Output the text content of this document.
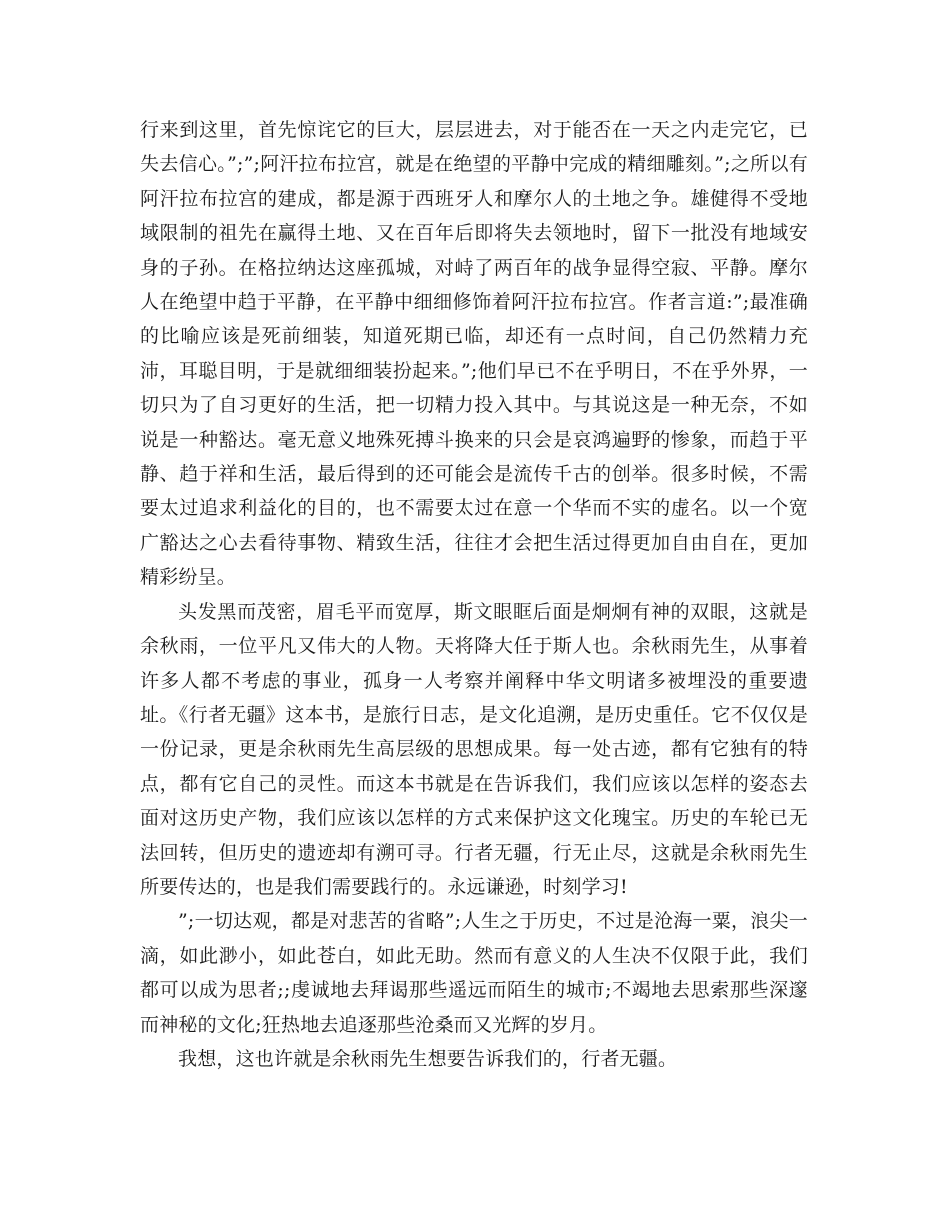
行来到这里，首先惊诧它的巨大，层层进去，对于能否在一天之内走完它，已失去信心。”;”;阿汗拉布拉宫，就是在绝望的平静中完成的精细雕刻。”;之所以有阿汗拉布拉宫的建成，都是源于西班牙人和摩尔人的土地之争。雄健得不受地域限制的祖先在赢得土地、又在百年后即将失去领地时，留下一批没有地域安身的子孙。在格拉纳达这座孤城，对峙了两百年的战争显得空寂、平静。摩尔人在绝望中趋于平静，在平静中细细修饰着阿汗拉布拉宫。作者言道:”;最准确的比喻应该是死前细装，知道死期已临，却还有一点时间，自己仍然精力充沛，耳聪目明，于是就细细装扮起来。”;他们早已不在乎明日，不在乎外界，一切只为了自习更好的生活，把一切精力投入其中。与其说这是一种无奈，不如说是一种豁达。毫无意义地殊死搏斗换来的只会是哀鸿遍野的惨象，而趋于平静、趋于祥和生活，最后得到的还可能会是流传千古的创举。很多时候，不需要太过追求利益化的目的，也不需要太过在意一个华而不实的虚名。以一个宽广豁达之心去看待事物、精致生活，往往才会把生活过得更加自由自在，更加精彩纷呈。

头发黑而茂密，眉毛平而宽厚，斯文眼眶后面是炯炯有神的双眼，这就是余秋雨，一位平凡又伟大的人物。天将降大任于斯人也。余秋雨先生，从事着许多人都不考虑的事业，孤身一人考察并阐释中华文明诸多被埋没的重要遗址。《行者无疆》这本书，是旅行日志，是文化追溯，是历史重任。它不仅仅是一份记录，更是余秋雨先生高层级的思想成果。每一处古迹，都有它独有的特点，都有它自己的灵性。而这本书就是在告诉我们，我们应该以怎样的姿态去面对这历史产物，我们应该以怎样的方式来保护这文化瑰宝。历史的车轮已无法回转，但历史的遗迹却有溯可寻。行者无疆，行无止尽，这就是余秋雨先生所要传达的，也是我们需要践行的。永远谦逊，时刻学习!

”;一切达观，都是对悲苦的省略”;人生之于历史，不过是沧海一粟，浪尖一滴，如此渺小，如此苍白，如此无助。然而有意义的人生决不仅限于此，我们都可以成为思者;;虔诚地去拜谒那些遥远而陌生的城市;不竭地去思索那些深邃而神秘的文化;狂热地去追逐那些沧桑而又光辉的岁月。

我想，这也许就是余秋雨先生想要告诉我们的，行者无疆。
